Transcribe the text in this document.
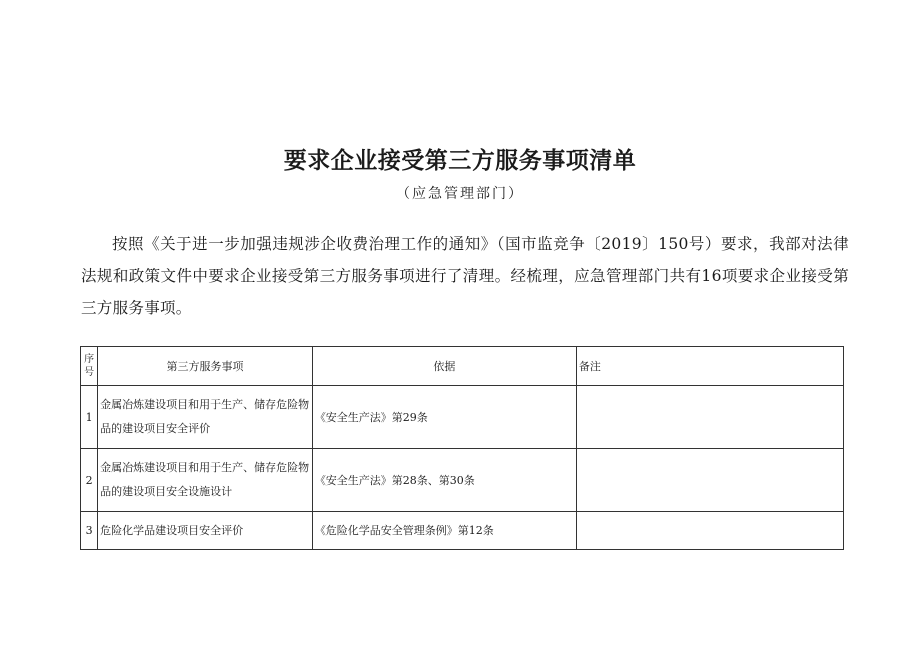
要求企业接受第三方服务事项清单

（应急管理部门）

按照《关于进一步加强违规涉企收费治理工作的通知》（国市监竞争〔2019〕150号）要求，我部对法律法规和政策文件中要求企业接受第三方服务事项进行了清理。经梳理，应急管理部门共有16项要求企业接受第三方服务事项。

序号	第三方服务事项	依据	备注
1	金属冶炼建设项目和用于生产、储存危险物品的建设项目安全评价	《安全生产法》第29条	
2	金属冶炼建设项目和用于生产、储存危险物品的建设项目安全设施设计	《安全生产法》第28条、第30条	
3	危险化学品建设项目安全评价	《危险化学品安全管理条例》第12条	
